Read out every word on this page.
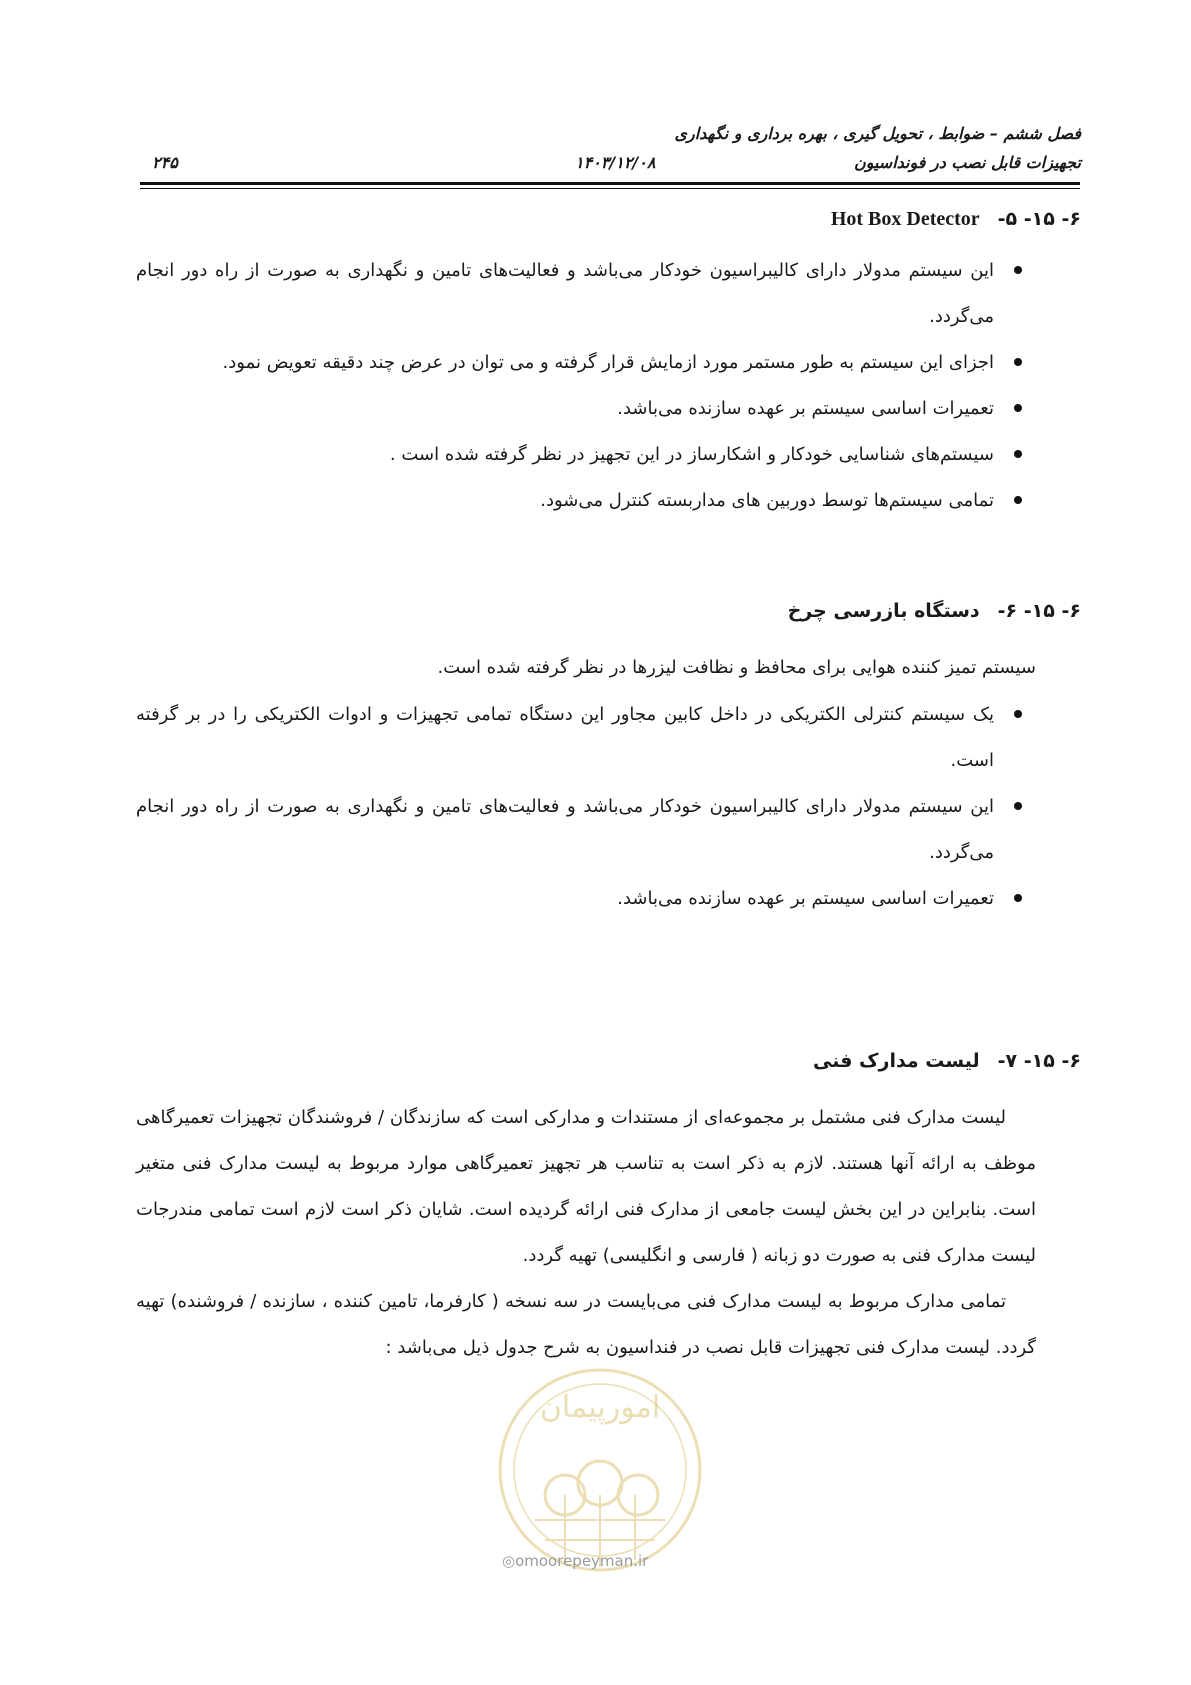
فصل ششم – ضوابط ، تحویل گیری ، بهره برداری و نگهداری
تجهیزات قابل نصب در فونداسیون
۱۴۰۳/۱۲/۰۸
۲۴۵
۶- ۱۵- ۵-Hot Box Detector
این سیستم مدولار دارای کالیبراسیون خودکار می‌باشد و فعالیت‌های تامین و نگهداری به صورت از راه دور انجام می‌گردد.
اجزای این سیستم به طور مستمر مورد ازمایش قرار گرفته و می توان در عرض چند دقیقه تعویض نمود.
تعمیرات اساسی سیستم بر عهده سازنده می‌باشد.
سیستم‌های شناسایی خودکار و اشکارساز در این تجهیز در نظر گرفته شده است .
تمامی سیستم‌ها توسط دوربین های مداربسته کنترل می‌شود.
۶- ۱۵- ۶-دستگاه بازرسی چرخ
سیستم تمیز کننده هوایی برای محافظ و نظافت لیزرها در نظر گرفته شده است.
یک سیستم کنترلی الکتریکی در داخل کابین مجاور این دستگاه تمامی تجهیزات و ادوات الکتریکی را در بر گرفته است.
این سیستم مدولار دارای کالیبراسیون خودکار می‌باشد و فعالیت‌های تامین و نگهداری به صورت از راه دور انجام می‌گردد.
تعمیرات اساسی سیستم بر عهده سازنده می‌باشد.
۶- ۱۵- ۷-لیست مدارک فنی
لیست مدارک فنی مشتمل بر مجموعه‌ای از مستندات و مدارکی است که سازندگان / فروشندگان تجهیزات تعمیرگاهی موظف به ارائه آنها هستند. لازم به ذکر است به تناسب هر تجهیز تعمیرگاهی موارد مربوط به لیست مدارک فنی متغیر است. بنابراین در این بخش لیست جامعی از مدارک فنی ارائه گردیده است. شایان ذکر است لازم است تمامی مندرجات لیست مدارک فنی به صورت دو زبانه ( فارسی و انگلیسی) تهیه گردد.
تمامی مدارک مربوط به لیست مدارک فنی می‌بایست در سه نسخه ( کارفرما، تامین کننده ، سازنده / فروشنده) تهیه گردد. لیست مدارک فنی تجهیزات قابل نصب در فنداسیون به شرح جدول ذیل می‌باشد :
امورپیمان
◎omoorepeyman.ir
